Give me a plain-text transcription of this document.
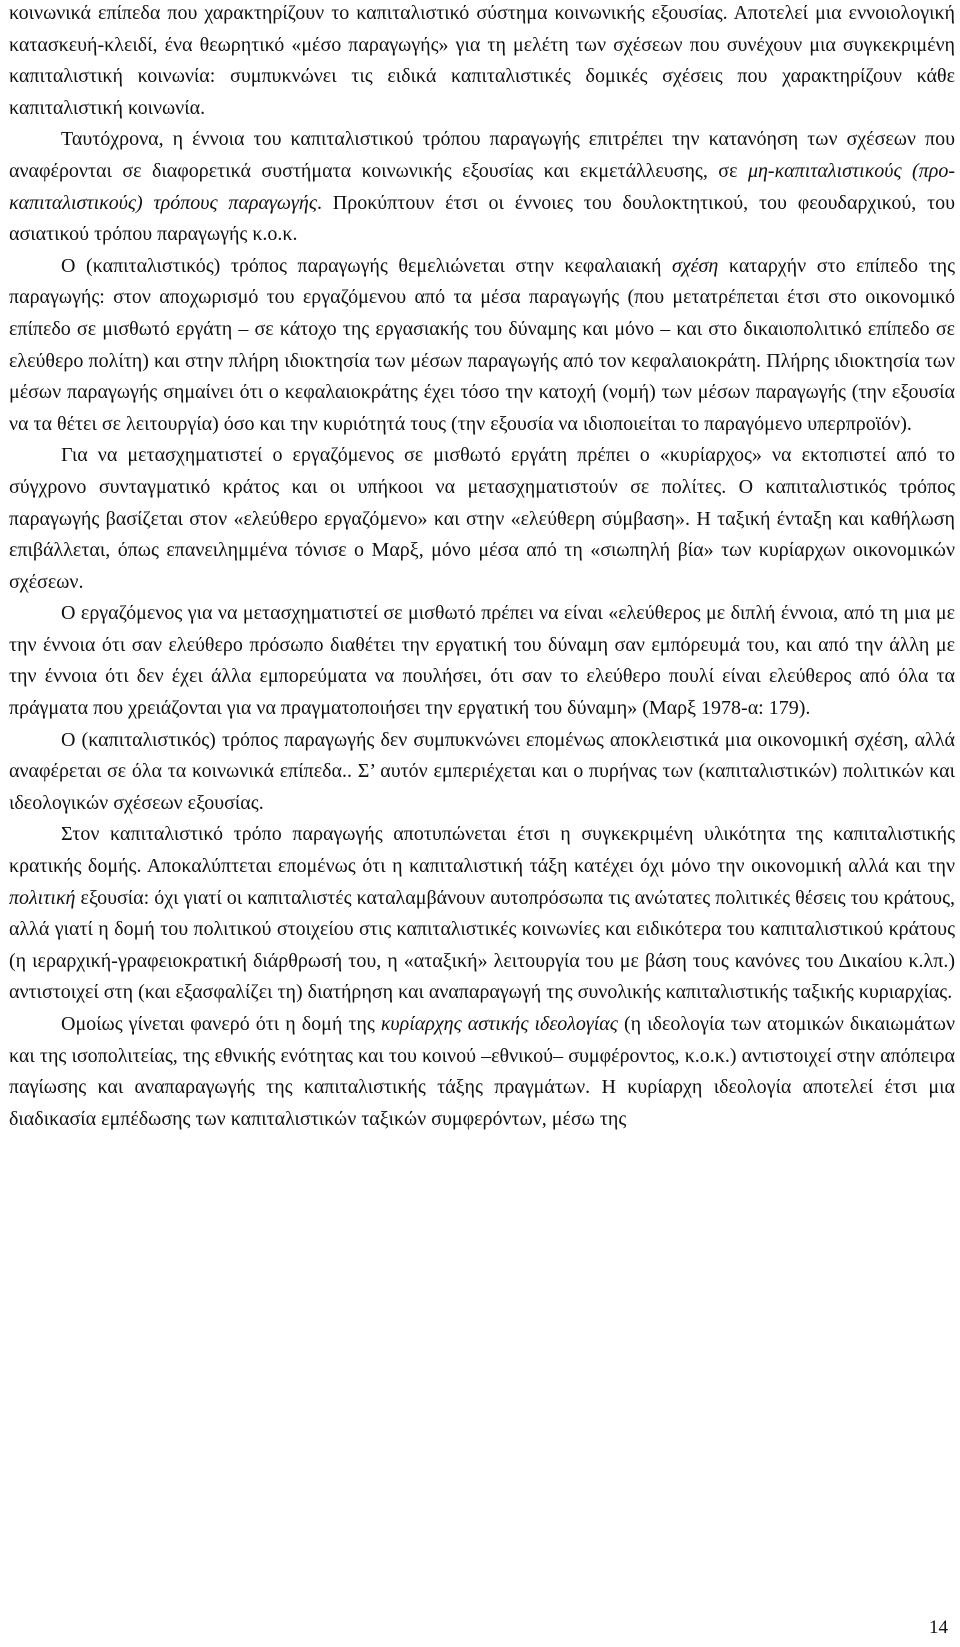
κοινωνικά επίπεδα που χαρακτηρίζουν το καπιταλιστικό σύστημα κοινωνικής εξουσίας. Αποτελεί μια εννοιολογική κατασκευή-κλειδί, ένα θεωρητικό «μέσο παραγωγής» για τη μελέτη των σχέσεων που συνέχουν μια συγκεκριμένη καπιταλιστική κοινωνία: συμπυκνώνει τις ειδικά καπιταλιστικές δομικές σχέσεις που χαρακτηρίζουν κάθε καπιταλιστική κοινωνία.

Ταυτόχρονα, η έννοια του καπιταλιστικού τρόπου παραγωγής επιτρέπει την κατανόηση των σχέσεων που αναφέρονται σε διαφορετικά συστήματα κοινωνικής εξουσίας και εκμετάλλευσης, σε μη-καπιταλιστικούς (προ-καπιταλιστικούς) τρόπους παραγωγής. Προκύπτουν έτσι οι έννοιες του δουλοκτητικού, του φεουδαρχικού, του ασιατικού τρόπου παραγωγής κ.ο.κ.

Ο (καπιταλιστικός) τρόπος παραγωγής θεμελιώνεται στην κεφαλαιακή σχέση καταρχήν στο επίπεδο της παραγωγής: στον αποχωρισμό του εργαζόμενου από τα μέσα παραγωγής (που μετατρέπεται έτσι στο οικονομικό επίπεδο σε μισθωτό εργάτη – σε κάτοχο της εργασιακής του δύναμης και μόνο – και στο δικαιοπολιτικό επίπεδο σε ελεύθερο πολίτη) και στην πλήρη ιδιοκτησία των μέσων παραγωγής από τον κεφαλαιοκράτη. Πλήρης ιδιοκτησία των μέσων παραγωγής σημαίνει ότι ο κεφαλαιοκράτης έχει τόσο την κατοχή (νομή) των μέσων παραγωγής (την εξουσία να τα θέτει σε λειτουργία) όσο και την κυριότητά τους (την εξουσία να ιδιοποιείται το παραγόμενο υπερπροϊόν).

Για να μετασχηματιστεί ο εργαζόμενος σε μισθωτό εργάτη πρέπει ο «κυρίαρχος» να εκτοπιστεί από το σύγχρονο συνταγματικό κράτος και οι υπήκοοι να μετασχηματιστούν σε πολίτες. Ο καπιταλιστικός τρόπος παραγωγής βασίζεται στον «ελεύθερο εργαζόμενο» και στην «ελεύθερη σύμβαση». Η ταξική ένταξη και καθήλωση επιβάλλεται, όπως επανειλημμένα τόνισε ο Μαρξ, μόνο μέσα από τη «σιωπηλή βία» των κυρίαρχων οικονομικών σχέσεων.

Ο εργαζόμενος για να μετασχηματιστεί σε μισθωτό πρέπει να είναι «ελεύθερος με διπλή έννοια, από τη μια με την έννοια ότι σαν ελεύθερο πρόσωπο διαθέτει την εργατική του δύναμη σαν εμπόρευμά του, και από την άλλη με την έννοια ότι δεν έχει άλλα εμπορεύματα να πουλήσει, ότι σαν το ελεύθερο πουλί είναι ελεύθερος από όλα τα πράγματα που χρειάζονται για να πραγματοποιήσει την εργατική του δύναμη» (Μαρξ 1978-α: 179).

Ο (καπιταλιστικός) τρόπος παραγωγής δεν συμπυκνώνει επομένως αποκλειστικά μια οικονομική σχέση, αλλά αναφέρεται σε όλα τα κοινωνικά επίπεδα.. Σ’ αυτόν εμπεριέχεται και ο πυρήνας των (καπιταλιστικών) πολιτικών και ιδεολογικών σχέσεων εξουσίας.

Στον καπιταλιστικό τρόπο παραγωγής αποτυπώνεται έτσι η συγκεκριμένη υλικότητα της καπιταλιστικής κρατικής δομής. Αποκαλύπτεται επομένως ότι η καπιταλιστική τάξη κατέχει όχι μόνο την οικονομική αλλά και την πολιτική εξουσία: όχι γιατί οι καπιταλιστές καταλαμβάνουν αυτοπρόσωπα τις ανώτατες πολιτικές θέσεις του κράτους, αλλά γιατί η δομή του πολιτικού στοιχείου στις καπιταλιστικές κοινωνίες και ειδικότερα του καπιταλιστικού κράτους (η ιεραρχική-γραφειοκρατική διάρθρωσή του, η «αταξική» λειτουργία του με βάση τους κανόνες του Δικαίου κ.λπ.) αντιστοιχεί στη (και εξασφαλίζει τη) διατήρηση και αναπαραγωγή της συνολικής καπιταλιστικής ταξικής κυριαρχίας.

Ομοίως γίνεται φανερό ότι η δομή της κυρίαρχης αστικής ιδεολογίας (η ιδεολογία των ατομικών δικαιωμάτων και της ισοπολιτείας, της εθνικής ενότητας και του κοινού –εθνικού– συμφέροντος, κ.ο.κ.) αντιστοιχεί στην απόπειρα παγίωσης και αναπαραγωγής της καπιταλιστικής τάξης πραγμάτων. Η κυρίαρχη ιδεολογία αποτελεί έτσι μια διαδικασία εμπέδωσης των καπιταλιστικών ταξικών συμφερόντων, μέσω της

14
